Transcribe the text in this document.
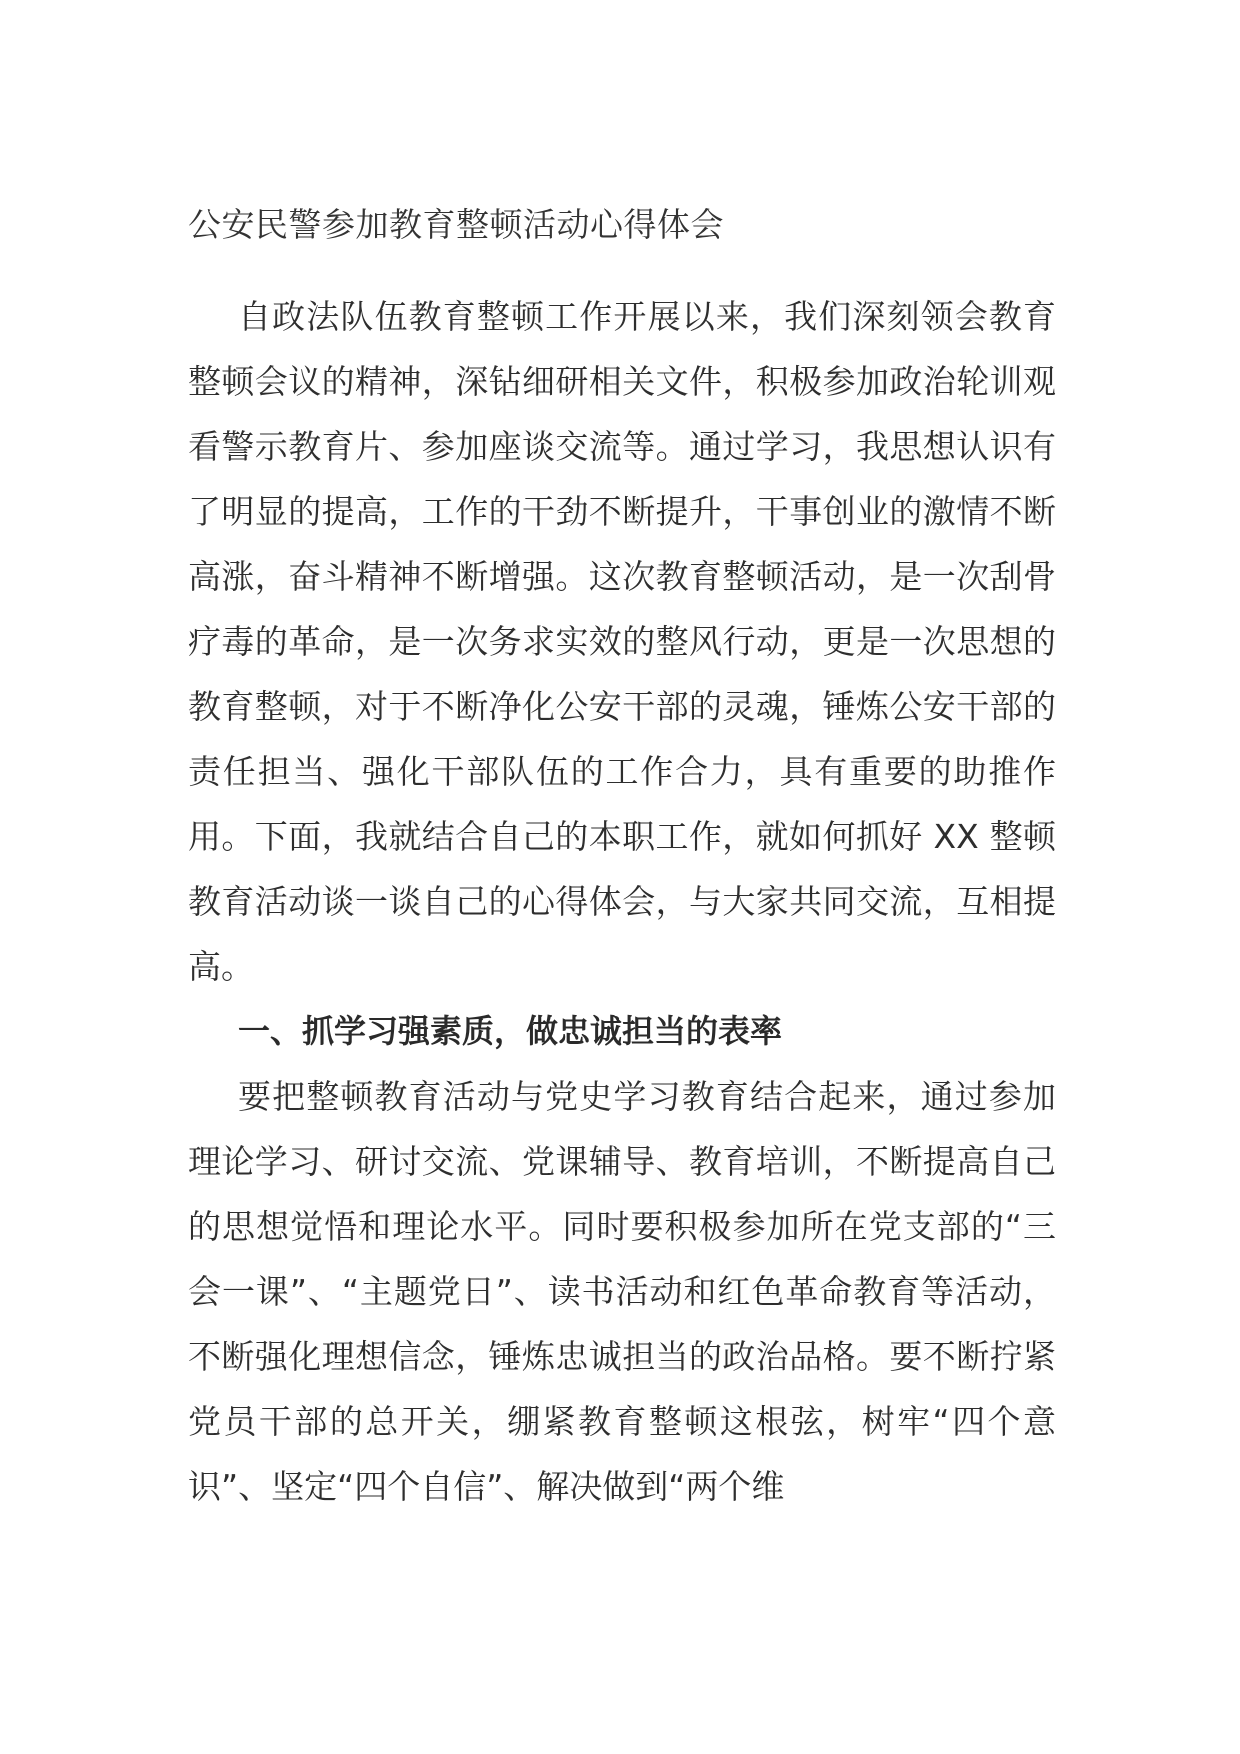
公安民警参加教育整顿活动心得体会

自政法队伍教育整顿工作开展以来，我们深刻领会教育整顿会议的精神，深钻细研相关文件，积极参加政治轮训观看警示教育片、参加座谈交流等。通过学习，我思想认识有了明显的提高，工作的干劲不断提升，干事创业的激情不断高涨，奋斗精神不断增强。这次教育整顿活动，是一次刮骨疗毒的革命，是一次务求实效的整风行动，更是一次思想的教育整顿，对于不断净化公安干部的灵魂，锤炼公安干部的责任担当、强化干部队伍的工作合力，具有重要的助推作用。下面，我就结合自己的本职工作，就如何抓好 XX 整顿教育活动谈一谈自己的心得体会，与大家共同交流，互相提高。

一、抓学习强素质，做忠诚担当的表率

要把整顿教育活动与党史学习教育结合起来，通过参加理论学习、研讨交流、党课辅导、教育培训，不断提高自己的思想觉悟和理论水平。同时要积极参加所在党支部的“三会一课”、“主题党日”、读书活动和红色革命教育等活动，不断强化理想信念，锤炼忠诚担当的政治品格。要不断拧紧党员干部的总开关，绷紧教育整顿这根弦，树牢“四个意识”、坚定“四个自信”、解决做到“两个维
